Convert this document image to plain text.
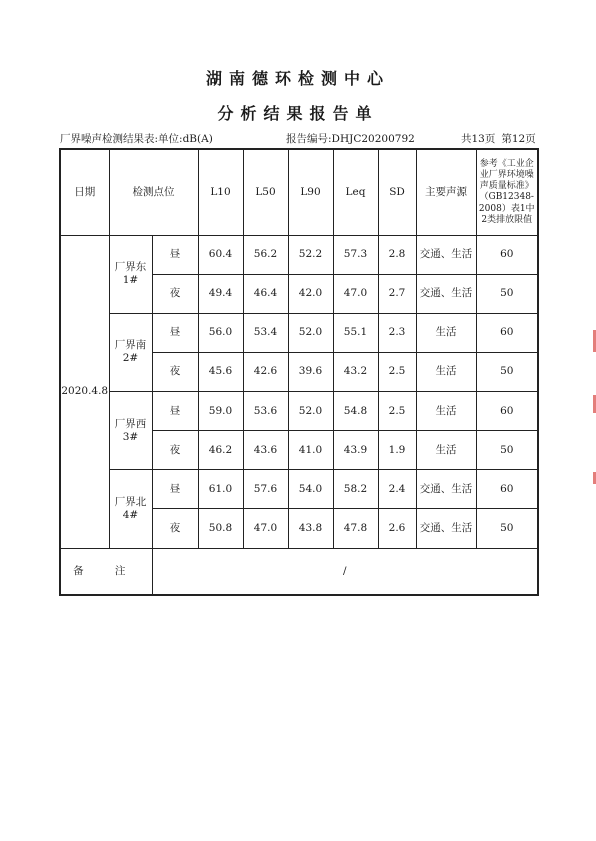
湖南德环检测中心
分析结果报告单
厂界噪声检测结果表:单位:dB(A)	报告编号:DHJC20200792	共13页 第12页
日期	检测点位		L10	L50	L90	Leq	SD	主要声源	参考《工业企业厂界环境噪声质量标准》（GB12348-2008）表1中2类排放限值
2020.4.8	厂界东1#	昼	60.4	56.2	52.2	57.3	2.8	交通、生活	60
		夜	49.4	46.4	42.0	47.0	2.7	交通、生活	50
	厂界南2#	昼	56.0	53.4	52.0	55.1	2.3	生活	60
		夜	45.6	42.6	39.6	43.2	2.5	生活	50
	厂界西3#	昼	59.0	53.6	52.0	54.8	2.5	生活	60
		夜	46.2	43.6	41.0	43.9	1.9	生活	50
	厂界北4#	昼	61.0	57.6	54.0	58.2	2.4	交通、生活	60
		夜	50.8	47.0	43.8	47.8	2.6	交通、生活	50
备 注		/							
